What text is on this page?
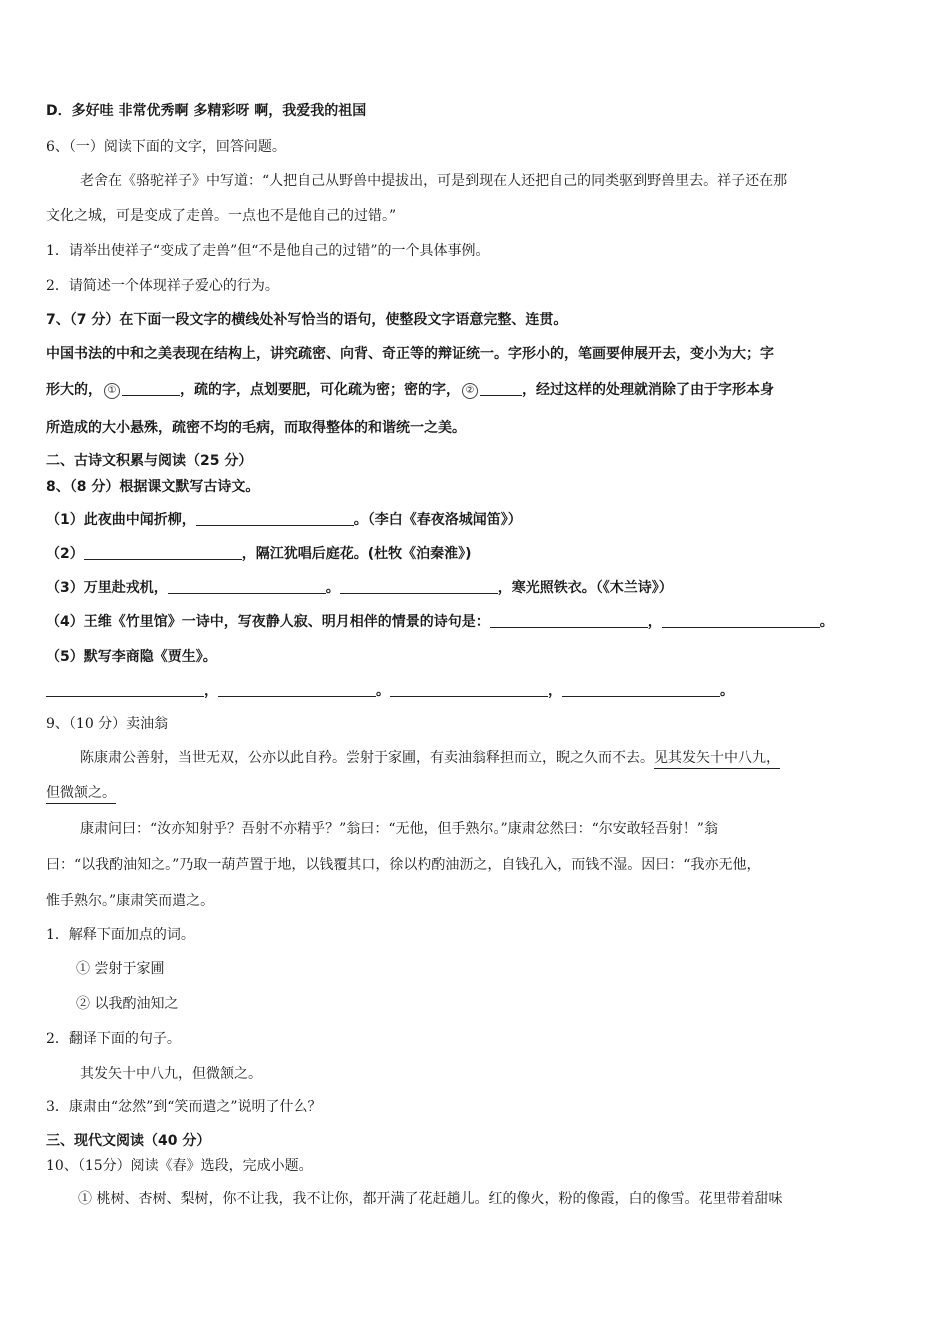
D．多好哇 非常优秀啊 多精彩呀 啊，我爱我的祖国
6、（一）阅读下面的文字，回答问题。
老舍在《骆驼祥子》中写道：“人把自己从野兽中提拔出，可是到现在人还把自己的同类驱到野兽里去。祥子还在那
文化之城，可是变成了走兽。一点也不是他自己的过错。”
1．请举出使祥子“变成了走兽”但“不是他自己的过错”的一个具体事例。
2．请简述一个体现祥子爱心的行为。
7、（7 分）在下面一段文字的横线处补写恰当的语句，使整段文字语意完整、连贯。
中国书法的中和之美表现在结构上，讲究疏密、向背、奇正等的辩证统一。字形小的，笔画要伸展开去，变小为大；字
形大的， ①	，疏的字，点划要肥，可化疏为密；密的字， ②	，经过这样的处理就消除了由于字形本身
所造成的大小悬殊，疏密不均的毛病，而取得整体的和谐统一之美。
二、古诗文积累与阅读（25 分）
8、（8 分）根据课文默写古诗文。
（1）此夜曲中闻折柳，	。（李白《春夜洛城闻笛》）
（2）	，隔江犹唱后庭花。(杜牧《泊秦淮》)
（3）万里赴戎机，	。	，寒光照铁衣。（《木兰诗》）
（4）王维《竹里馆》一诗中，写夜静人寂、明月相伴的情景的诗句是：	，	。
（5）默写李商隐《贾生》。
，	。	，	。
9、（10 分）卖油翁
陈康肃公善射，当世无双，公亦以此自矜。尝射于家圃，有卖油翁释担而立，睨之久而不去。见其发矢十中八九，
但微颔之。
康肃问曰：“汝亦知射乎？吾射不亦精乎？”翁曰：“无他，但手熟尔。”康肃忿然曰：“尔安敢轻吾射！”翁
曰：“以我酌油知之。”乃取一葫芦置于地，以钱覆其口，徐以杓酌油沥之，自钱孔入，而钱不湿。因曰：“我亦无他，
惟手熟尔。”康肃笑而遣之。
1．解释下面加点的词。
① 尝射于家圃
② 以我酌油知之
2．翻译下面的句子。
其发矢十中八九，但微颔之。
3．康肃由“忿然”到“笑而遣之”说明了什么？
三、现代文阅读（40 分）
10、（15分）阅读《春》选段，完成小题。
① 桃树、杏树、梨树，你不让我，我不让你，都开满了花赶趟儿。红的像火，粉的像霞，白的像雪。花里带着甜味
